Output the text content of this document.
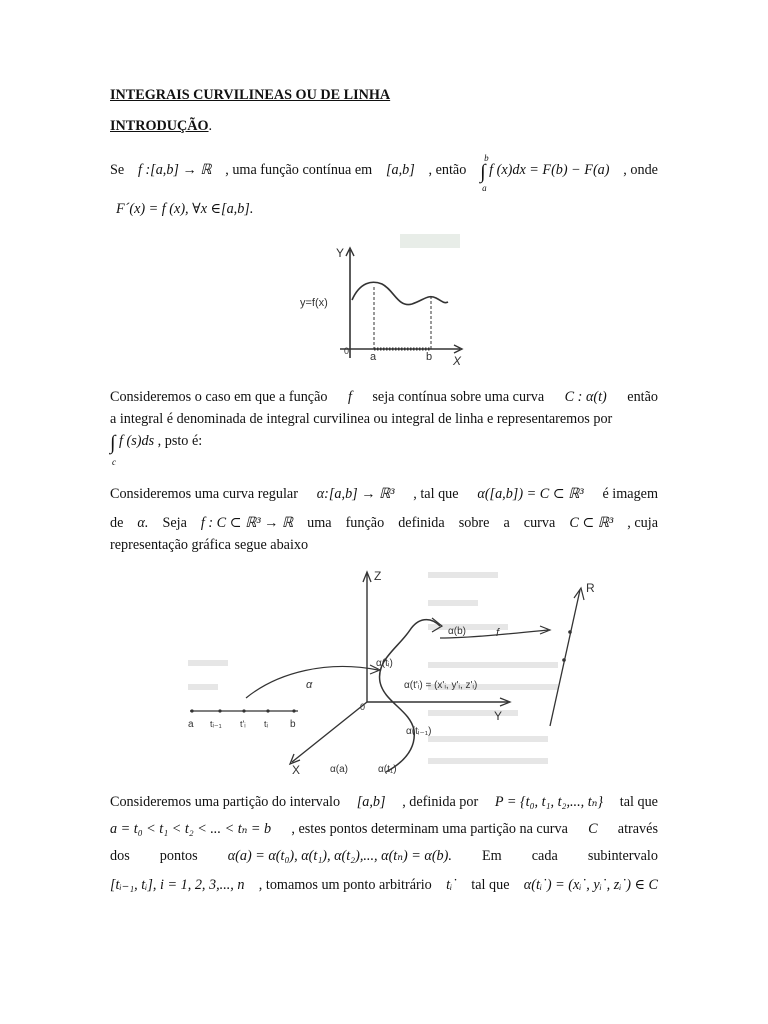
INTEGRAIS CURVILINEAS OU DE LINHA
INTRODUÇÃO.
Se f :[a,b] → ℝ , uma função contínua em [a,b] , então
b
∫
a
f (x)dx = F(b) − F(a) , onde
F´(x) = f (x), ∀x ∈[a,b].
Y
X
y=f(x)
0 a	b
Consideremos o caso em que a função f seja contínua sobre uma curva C : α(t) então
a integral é denominada de integral curvilinea ou integral de linha e representaremos por
∫
c
f (s)ds , psto é:
Consideremos uma curva regular α:[a,b] → ℝ³ , tal que α([a,b]) = C ⊂ ℝ³ é imagem
de α. Seja f : C ⊂ ℝ³ → ℝ uma função definida sobre a curva C ⊂ ℝ³ , cuja
representação gráfica segue abaixo
Z
Y
X
0
a tᵢ₋₁ t'ᵢ tᵢ b
α
f
R
α(b)
α(tᵢ)
α(t'ᵢ) = (x'ᵢ, y'ᵢ, z'ᵢ)
α(tᵢ₋₁)
α(a)	α(t₁)
Consideremos uma partição do intervalo [a,b] , definida por P = {t₀, t₁, t₂,..., tₙ} tal que
a = t₀ < t₁ < t₂ < ... < tₙ = b , estes pontos determinam uma partição na curva C através
dos pontos α(a) = α(t₀), α(t₁), α(t₂),..., α(tₙ) = α(b). Em cada subintervalo
[tᵢ₋₁, tᵢ], i = 1, 2, 3,..., n , tomamos um ponto arbitrário tᵢ˙ tal que α(tᵢ˙) = (xᵢ˙, yᵢ˙, zᵢ˙) ∈ C
